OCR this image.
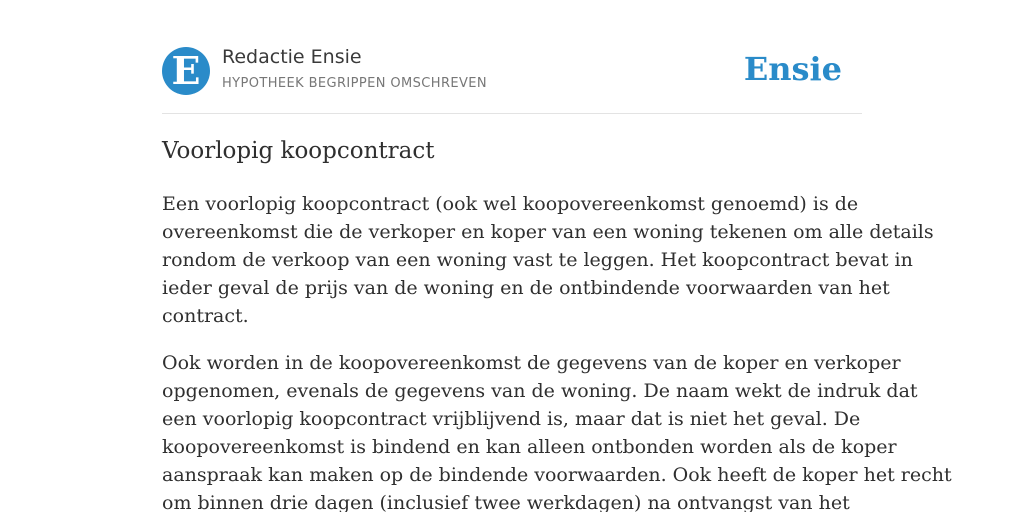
E	Redactie Ensie
HYPOTHEEK BEGRIPPEN OMSCHREVEN	Ensie
Voorlopig koopcontract

Een voorlopig koopcontract (ook wel koopovereenkomst genoemd) is de
overeenkomst die de verkoper en koper van een woning tekenen om alle details
rondom de verkoop van een woning vast te leggen. Het koopcontract bevat in
ieder geval de prijs van de woning en de ontbindende voorwaarden van het
contract.

Ook worden in de koopovereenkomst de gegevens van de koper en verkoper
opgenomen, evenals de gegevens van de woning. De naam wekt de indruk dat
een voorlopig koopcontract vrijblijvend is, maar dat is niet het geval. De
koopovereenkomst is bindend en kan alleen ontbonden worden als de koper
aanspraak kan maken op de bindende voorwaarden. Ook heeft de koper het recht
om binnen drie dagen (inclusief twee werkdagen) na ontvangst van het
